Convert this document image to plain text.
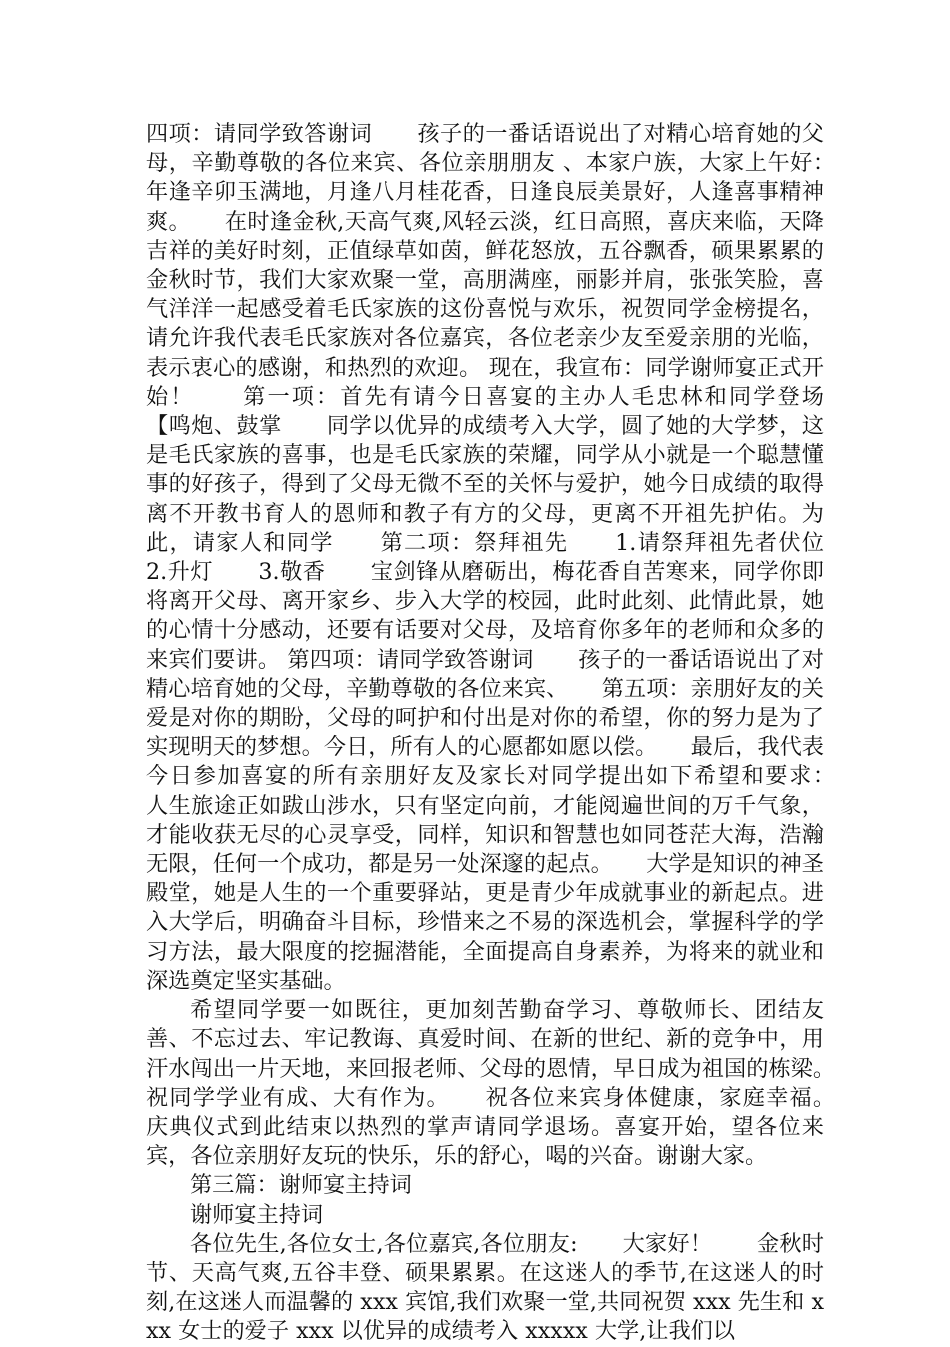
四项：请同学致答谢词　　孩子的一番话语说出了对精心培育她的父母，辛勤尊敬的各位来宾、各位亲朋朋友 、本家户族，大家上午好：　　年逢辛卯玉满地，月逢八月桂花香，日逢良辰美景好，人逢喜事精神爽。　　在时逢金秋,天高气爽,风轻云淡，红日高照，喜庆来临，天降吉祥的美好时刻，正值绿草如茵，鲜花怒放，五谷飘香，硕果累累的金秋时节，我们大家欢聚一堂，高朋满座，丽影并肩，张张笑脸，喜气洋洋一起感受着毛氏家族的这份喜悦与欢乐，祝贺同学金榜提名，请允许我代表毛氏家族对各位嘉宾，各位老亲少友至爱亲朋的光临，表示衷心的感谢，和热烈的欢迎。 现在，我宣布：同学谢师宴正式开始！　　第一项：首先有请今日喜宴的主办人毛忠林和同学登场　　【鸣炮、鼓掌　　同学以优异的成绩考入大学，圆了她的大学梦，这是毛氏家族的喜事，也是毛氏家族的荣耀，同学从小就是一个聪慧懂事的好孩子，得到了父母无微不至的关怀与爱护，她今日成绩的取得离不开教书育人的恩师和教子有方的父母，更离不开祖先护佑。为此，请家人和同学　　第二项：祭拜祖先　　1.请祭拜祖先者伏位　　2.升灯　　3.敬香　　宝剑锋从磨砺出，梅花香自苦寒来，同学你即将离开父母、离开家乡、步入大学的校园，此时此刻、此情此景，她的心情十分感动，还要有话要对父母，及培育你多年的老师和众多的来宾们要讲。 第四项：请同学致答谢词　　孩子的一番话语说出了对精心培育她的父母，辛勤尊敬的各位来宾、　　第五项：亲朋好友的关爱是对你的期盼，父母的呵护和付出是对你的希望，你的努力是为了实现明天的梦想。今日，所有人的心愿都如愿以偿。　　最后，我代表今日参加喜宴的所有亲朋好友及家长对同学提出如下希望和要求：　　人生旅途正如跋山涉水，只有坚定向前，才能阅遍世间的万千气象，才能收获无尽的心灵享受，同样，知识和智慧也如同苍茫大海，浩瀚无限，任何一个成功，都是另一处深邃的起点。　　大学是知识的神圣殿堂，她是人生的一个重要驿站，更是青少年成就事业的新起点。进入大学后，明确奋斗目标，珍惜来之不易的深选机会，掌握科学的学习方法，最大限度的挖掘潜能，全面提高自身素养，为将来的就业和深选奠定坚实基础。

希望同学要一如既往，更加刻苦勤奋学习、尊敬师长、团结友善、不忘过去、牢记教诲、真爱时间、在新的世纪、新的竞争中，用汗水闯出一片天地，来回报老师、父母的恩情，早日成为祖国的栋梁。　　祝同学学业有成、大有作为。　　祝各位来宾身体健康，家庭幸福。　　庆典仪式到此结束以热烈的掌声请同学退场。喜宴开始，望各位来宾，各位亲朋好友玩的快乐，乐的舒心，喝的兴奋。谢谢大家。

第三篇：谢师宴主持词

谢师宴主持词

各位先生,各位女士,各位嘉宾,各位朋友:　　大家好！　　金秋时节、天高气爽,五谷丰登、硕果累累。在这迷人的季节,在这迷人的时刻,在这迷人而温馨的 xxx 宾馆,我们欢聚一堂,共同祝贺 xxx 先生和 xxx 女士的爱子 xxx 以优异的成绩考入 xxxxx 大学,让我们以
